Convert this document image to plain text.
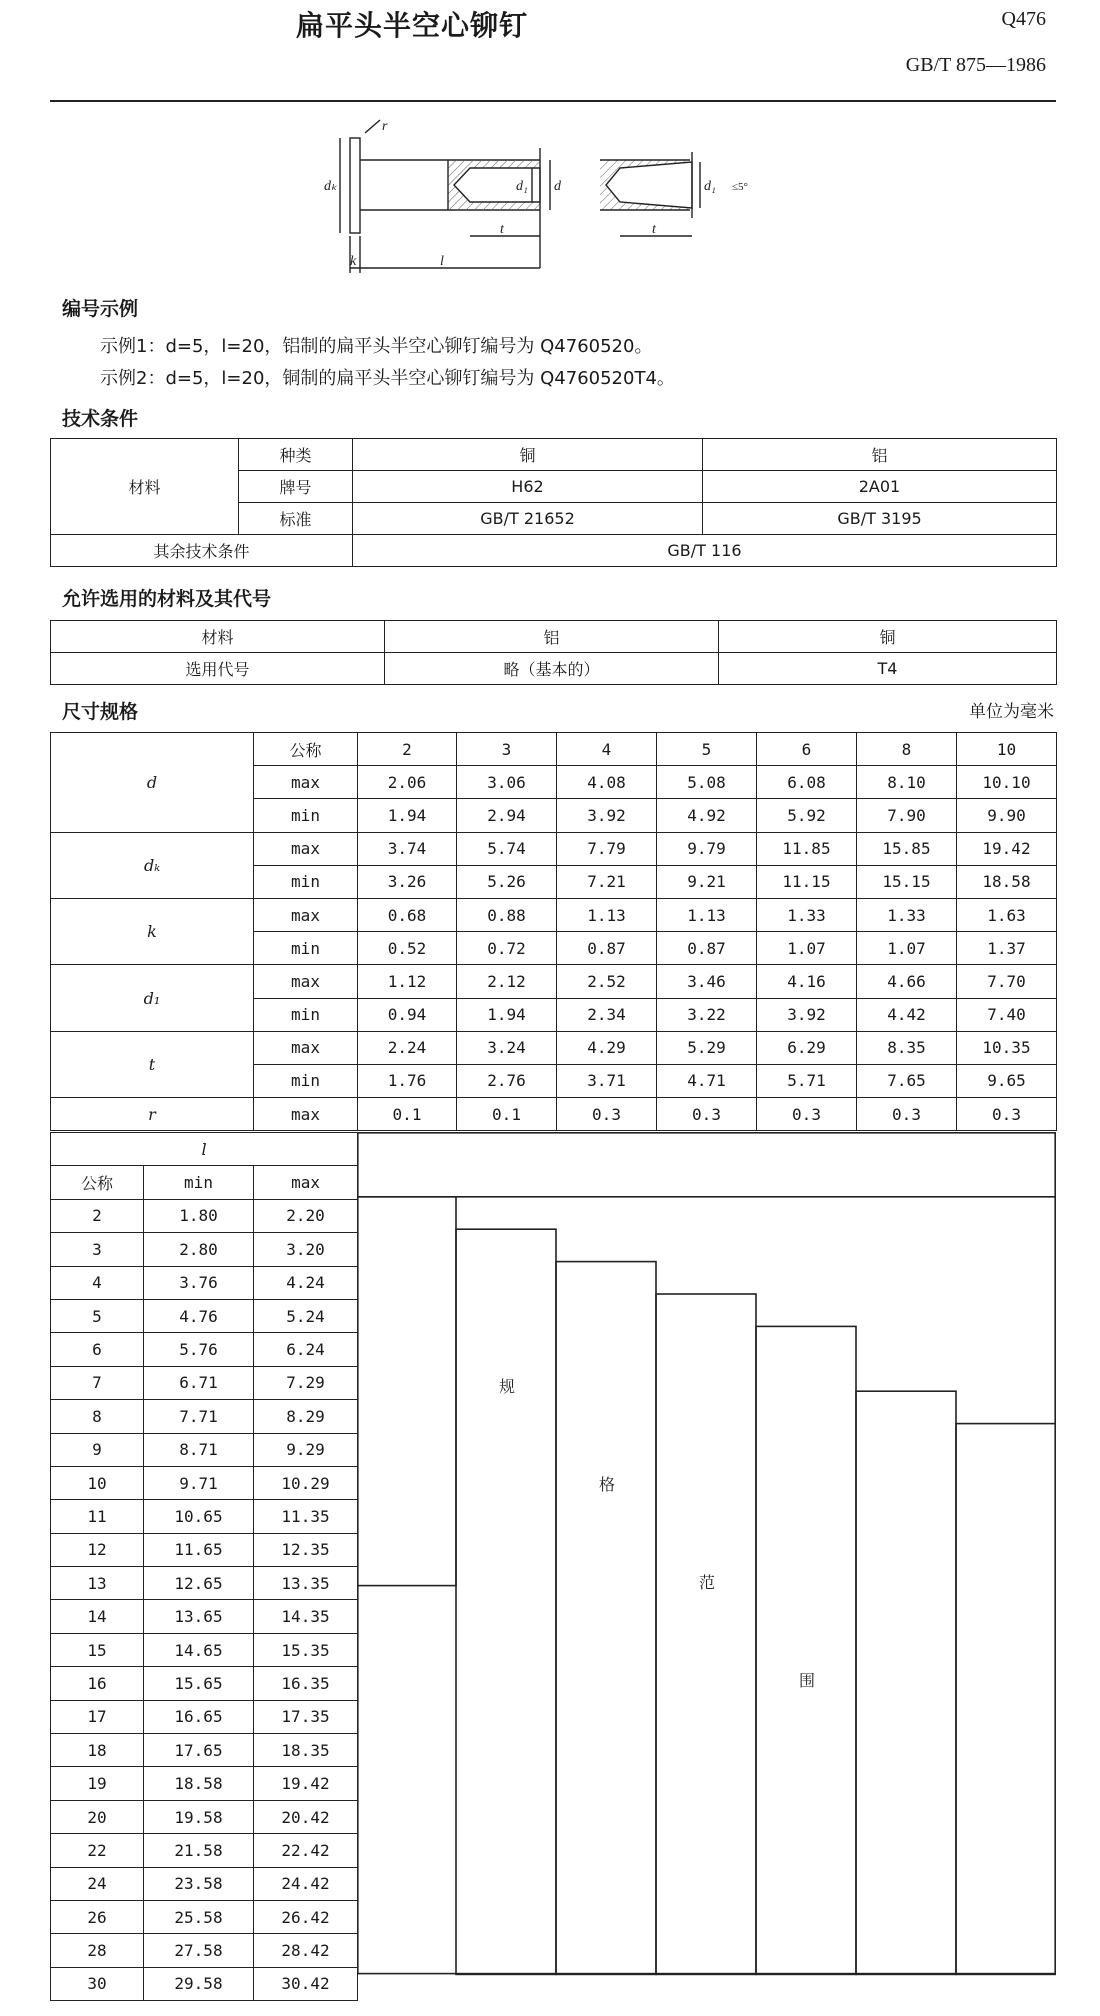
扁平头半空心铆钉	Q476
GB/T 875—1986
r
dₖ
k	l
d
d₁
t	t
d₁ ≤5°
编号示例
示例1：d=5，l=20，铝制的扁平头半空心铆钉编号为 Q4760520。
示例2：d=5，l=20，铜制的扁平头半空心铆钉编号为 Q4760520T4。
技术条件
材料	种类	铜	铝
	牌号	H62	2A01
	标准	GB/T 21652	GB/T 3195
其余技术条件		GB/T 116	
允许选用的材料及其代号
材料	铝	铜
选用代号	略（基本的）	T4
尺寸规格	单位为毫米
d	公称	2	3	4	5	6	8	10
	max	2.06	3.06	4.08	5.08	6.08	8.10	10.10
	min	1.94	2.94	3.92	4.92	5.92	7.90	9.90
dₖ	max	3.74	5.74	7.79	9.79	11.85	15.85	19.42
	min	3.26	5.26	7.21	9.21	11.15	15.15	18.58
k	max	0.68	0.88	1.13	1.13	1.33	1.33	1.63
	min	0.52	0.72	0.87	0.87	1.07	1.07	1.37
d₁	max	1.12	2.12	2.52	3.46	4.16	4.66	7.70
	min	0.94	1.94	2.34	3.22	3.92	4.42	7.40
t	max	2.24	3.24	4.29	5.29	6.29	8.35	10.35
	min	1.76	2.76	3.71	4.71	5.71	7.65	9.65
r	max	0.1	0.1	0.3	0.3	0.3	0.3	0.3
l		
公称	min	max
2	1.80	2.20
3	2.80	3.20
4	3.76	4.24
5	4.76	5.24
6	5.76	6.24
7	6.71	7.29
8	7.71	8.29
9	8.71	9.29
10	9.71	10.29
11	10.65	11.35
12	11.65	12.35
13	12.65	13.35
14	13.65	14.35
15	14.65	15.35
16	15.65	16.35
17	16.65	17.35
18	17.65	18.35
19	18.58	19.42
20	19.58	20.42
22	21.58	22.42
24	23.58	24.42
26	25.58	26.42
28	27.58	28.42
30	29.58	30.42
规
格
范
围
